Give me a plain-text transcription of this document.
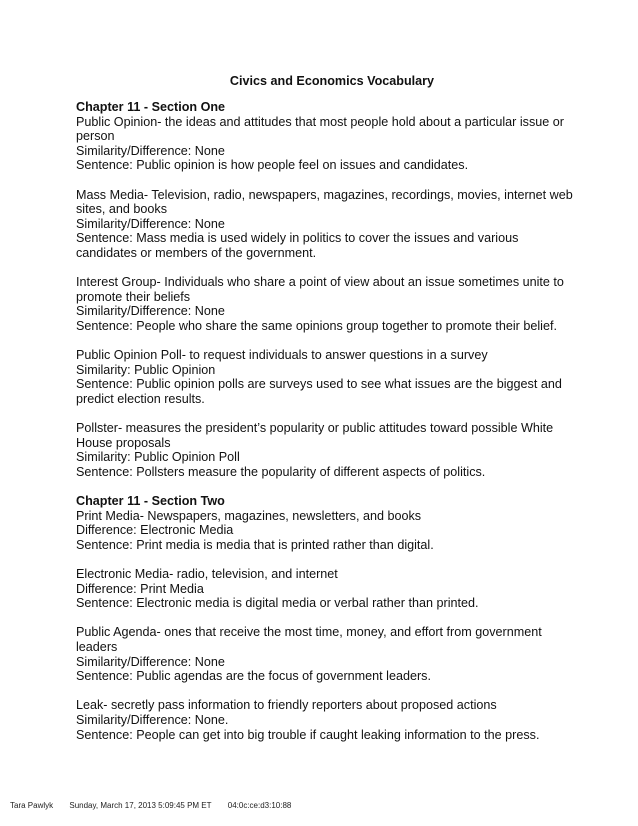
Civics and Economics Vocabulary

Chapter 11 - Section One

Public Opinion- the ideas and attitudes that most people hold about a particular issue or person

Similarity/Difference: None

Sentence: Public opinion is how people feel on issues and candidates.

Mass Media- Television, radio, newspapers, magazines, recordings, movies, internet web sites, and books

Similarity/Difference: None

Sentence: Mass media is used widely in politics to cover the issues and various candidates or members of the government.

Interest Group- Individuals who share a point of view about an issue sometimes unite to promote their beliefs

Similarity/Difference: None

Sentence: People who share the same opinions group together to promote their belief.

Public Opinion Poll- to request individuals to answer questions in a survey

Similarity: Public Opinion

Sentence: Public opinion polls are surveys used to see what issues are the biggest and predict election results.

Pollster- measures the president’s popularity or public attitudes toward possible White House proposals

Similarity: Public Opinion Poll

Sentence: Pollsters measure the popularity of different aspects of politics.

Chapter 11 - Section Two

Print Media- Newspapers, magazines, newsletters, and books

Difference: Electronic Media

Sentence: Print media is media that is printed rather than digital.

Electronic Media- radio, television, and internet

Difference: Print Media

Sentence: Electronic media is digital media or verbal rather than printed.

Public Agenda- ones that receive the most time, money, and effort from government leaders

Similarity/Difference: None

Sentence: Public agendas are the focus of government leaders.

Leak- secretly pass information to friendly reporters about proposed actions

Similarity/Difference: None.

Sentence: People can get into big trouble if caught leaking information to the press.

Tara Pawlyk Sunday, March 17, 2013 5:09:45 PM ET 04:0c:ce:d3:10:88
